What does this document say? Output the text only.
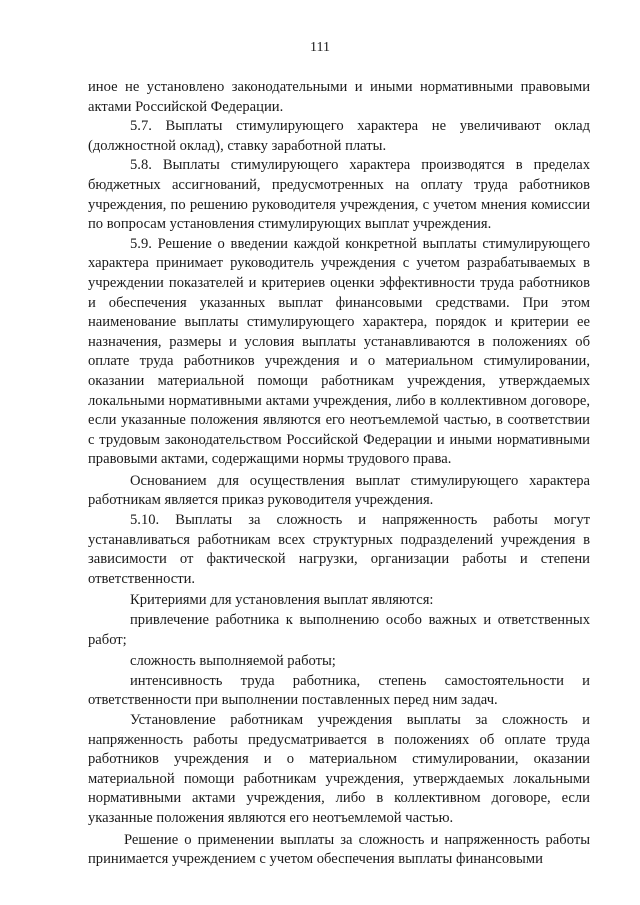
111

иное не установлено законодательными и иными нормативными правовыми актами Российской Федерации.

5.7. Выплаты стимулирующего характера не увеличивают оклад (должностной оклад), ставку заработной платы.

5.8. Выплаты стимулирующего характера производятся в пределах бюджетных ассигнований, предусмотренных на оплату труда работников учреждения, по решению руководителя учреждения, с учетом мнения комиссии по вопросам установления стимулирующих выплат учреждения.

5.9. Решение о введении каждой конкретной выплаты стимулирующего характера принимает руководитель учреждения с учетом разрабатываемых в учреждении показателей и критериев оценки эффективности труда работников и обеспечения указанных выплат финансовыми средствами. При этом наименование выплаты стимулирующего характера, порядок и критерии ее назначения, размеры и условия выплаты устанавливаются в положениях об оплате труда работников учреждения и о материальном стимулировании, оказании материальной помощи работникам учреждения, утверждаемых локальными нормативными актами учреждения, либо в коллективном договоре, если указанные положения являются его неотъемлемой частью, в соответствии с трудовым законодательством Российской Федерации и иными нормативными правовыми актами, содержащими нормы трудового права.

Основанием для осуществления выплат стимулирующего характера работникам является приказ руководителя учреждения.

5.10. Выплаты за сложность и напряженность работы могут устанавливаться работникам всех структурных подразделений учреждения в зависимости от фактической нагрузки, организации работы и степени ответственности.

Критериями для установления выплат являются:

привлечение работника к выполнению особо важных и ответственных работ;

сложность выполняемой работы;

интенсивность труда работника, степень самостоятельности и ответственности при выполнении поставленных перед ним задач.

Установление работникам учреждения выплаты за сложность и напряженность работы предусматривается в положениях об оплате труда работников учреждения и о материальном стимулировании, оказании материальной помощи работникам учреждения, утверждаемых локальными нормативными актами учреждения, либо в коллективном договоре, если указанные положения являются его неотъемлемой частью.

Решение о применении выплаты за сложность и напряженность работы принимается учреждением с учетом обеспечения выплаты финансовыми
